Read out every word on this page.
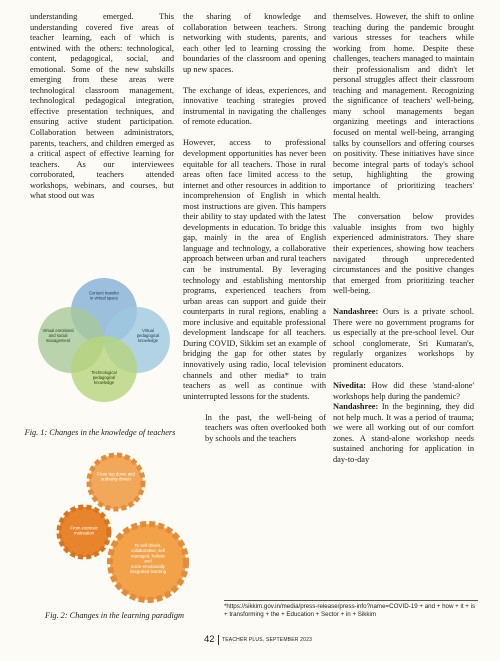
understanding emerged. This understanding covered five areas of teacher learning, each of which is entwined with the others: technological, content, pedagogical, social, and emotional. Some of the new subskills emerging from these areas were technological classroom management, technological pedagogical integration, effective presentation techniques, and ensuring active student participation. Collaboration between administrators, parents, teachers, and children emerged as a critical aspect of effective learning for teachers. As our interviewees corroborated, teachers attended workshops, webinars, and courses, but what stood out was

Content transfer in virtual space
Virtual emotional and social management
Virtual pedagogical knowledge
Technological pedagogical knowledge
Fig. 1: Changes in the knowledge of teachers
From top down and authority driven
From extrinsic motivation
To self driven, collaborative, self managed, holistic and socio-emotionally integrated learning
Fig. 2: Changes in the learning paradigm

the sharing of knowledge and collaboration between teachers. Strong networking with students, parents, and each other led to learning crossing the boundaries of the classroom and opening up new spaces.

The exchange of ideas, experiences, and innovative teaching strategies proved instrumental in navigating the challenges of remote education.

However, access to professional development opportunities has never been equitable for all teachers. Those in rural areas often face limited access to the internet and other resources in addition to incomprehension of English in which most instructions are given. This hampers their ability to stay updated with the latest developments in education. To bridge this gap, mainly in the area of English language and technology, a collaborative approach between urban and rural teachers can be instrumental. By leveraging technology and establishing mentorship programs, experienced teachers from urban areas can support and guide their counterparts in rural regions, enabling a more inclusive and equitable professional development landscape for all teachers. During COVID, Sikkim set an example of bridging the gap for other states by innovatively using radio, local television channels and other media* to train teachers as well as continue with uninterrupted lessons for the students.

In the past, the well-being of teachers was often overlooked both by schools and the teachers

themselves. However, the shift to online teaching during the pandemic brought various stresses for teachers while working from home. Despite these challenges, teachers managed to maintain their professionalism and didn't let personal struggles affect their classroom teaching and management. Recognizing the significance of teachers' well-being, many school managements began organizing meetings and interactions focused on mental well-being, arranging talks by counsellors and offering courses on positivity. These initiatives have since become integral parts of today's school setup, highlighting the growing importance of prioritizing teachers' mental health.

The conversation below provides valuable insights from two highly experienced administrators. They share their experiences, showing how teachers navigated through unprecedented circumstances and the positive changes that emerged from prioritizing teacher well-being.

Nandashree: Ours is a private school. There were no government programs for us especially at the pre-school level. Our school conglomerate, Sri Kumaran's, regularly organizes workshops by prominent educators.

Nivedita: How did these 'stand-alone' workshops help during the pandemic?

Nandashree: In the beginning, they did not help much. It was a period of trauma; we were all working out of our comfort zones. A stand-alone workshop needs sustained anchoring for application in day-to-day

*https://sikkim.gov.in/media/press-release/press-info?name=COVID-19 + and + how + it + is + transforming + the + Education + Sector + in + Sikkim
42 TEACHER PLUS, SEPTEMBER 2023
